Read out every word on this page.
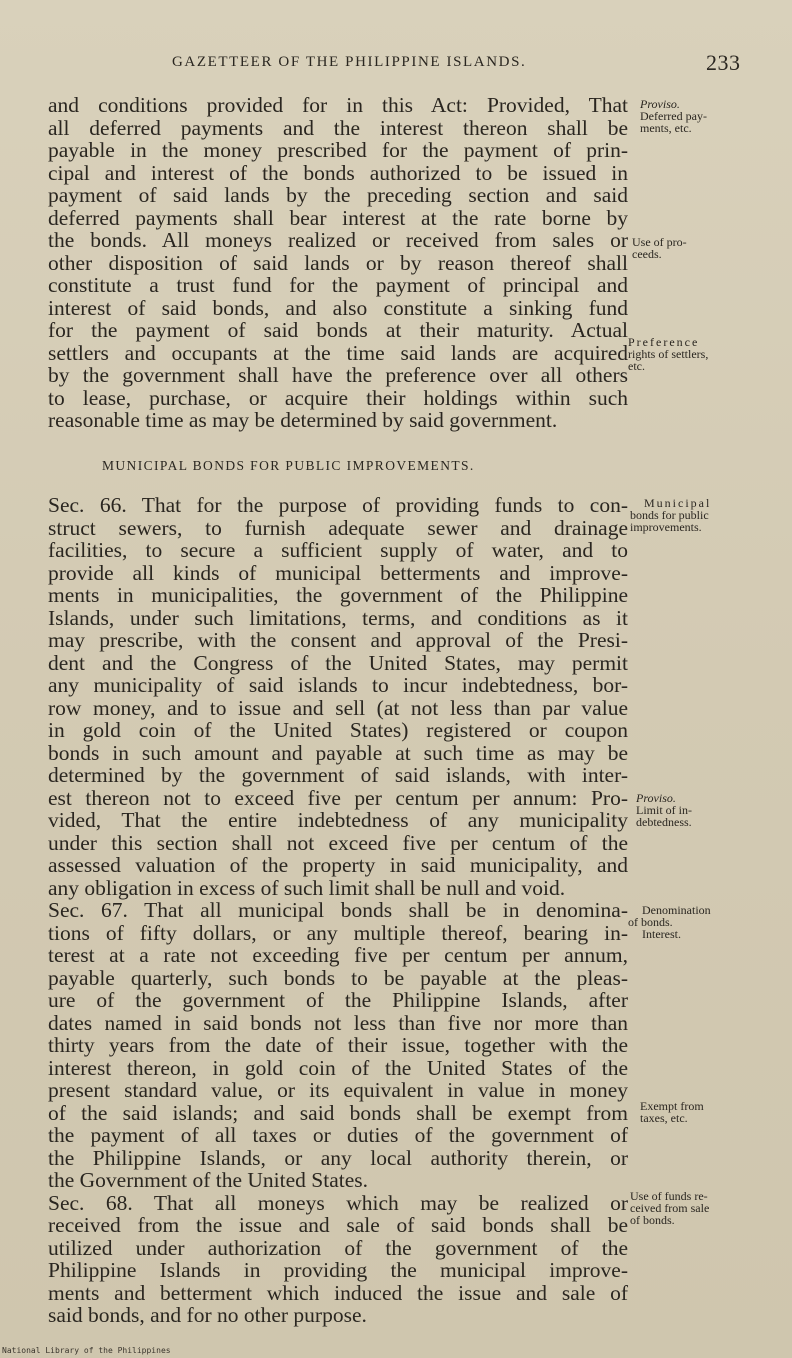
GAZETTEER OF THE PHILIPPINE ISLANDS.	233
and conditions provided for in this Act: Provided, That
all deferred payments and the interest thereon shall be
payable in the money prescribed for the payment of prin-
cipal and interest of the bonds authorized to be issued in
payment of said lands by the preceding section and said
deferred payments shall bear interest at the rate borne by
the bonds. All moneys realized or received from sales or
other disposition of said lands or by reason thereof shall
constitute a trust fund for the payment of principal and
interest of said bonds, and also constitute a sinking fund
for the payment of said bonds at their maturity. Actual
settlers and occupants at the time said lands are acquired
by the government shall have the preference over all others
to lease, purchase, or acquire their holdings within such
reasonable time as may be determined by said government.
MUNICIPAL BONDS FOR PUBLIC IMPROVEMENTS.
Sec. 66. That for the purpose of providing funds to con-
struct sewers, to furnish adequate sewer and drainage
facilities, to secure a sufficient supply of water, and to
provide all kinds of municipal betterments and improve-
ments in municipalities, the government of the Philippine
Islands, under such limitations, terms, and conditions as it
may prescribe, with the consent and approval of the Presi-
dent and the Congress of the United States, may permit
any municipality of said islands to incur indebtedness, bor-
row money, and to issue and sell (at not less than par value
in gold coin of the United States) registered or coupon
bonds in such amount and payable at such time as may be
determined by the government of said islands, with inter-
est thereon not to exceed five per centum per annum: Pro-
vided, That the entire indebtedness of any municipality
under this section shall not exceed five per centum of the
assessed valuation of the property in said municipality, and
any obligation in excess of such limit shall be null and void.
Sec. 67. That all municipal bonds shall be in denomina-
tions of fifty dollars, or any multiple thereof, bearing in-
terest at a rate not exceeding five per centum per annum,
payable quarterly, such bonds to be payable at the pleas-
ure of the government of the Philippine Islands, after
dates named in said bonds not less than five nor more than
thirty years from the date of their issue, together with the
interest thereon, in gold coin of the United States of the
present standard value, or its equivalent in value in money
of the said islands; and said bonds shall be exempt from
the payment of all taxes or duties of the government of
the Philippine Islands, or any local authority therein, or
the Government of the United States.
Sec. 68. That all moneys which may be realized or
received from the issue and sale of said bonds shall be
utilized under authorization of the government of the
Philippine Islands in providing the municipal improve-
ments and betterment which induced the issue and sale of
said bonds, and for no other purpose.
Proviso.
Deferred pay-
ments, etc.
Use of pro-
ceeds.
Preference
rights of settlers,
etc.
Municipal
bonds for public
improvements.
Proviso.
Limit of in-
debtedness.
Denomination
of bonds.
Interest.
Exempt from
taxes, etc.
Use of funds re-
ceived from sale
of bonds.
National Library of the Philippines
